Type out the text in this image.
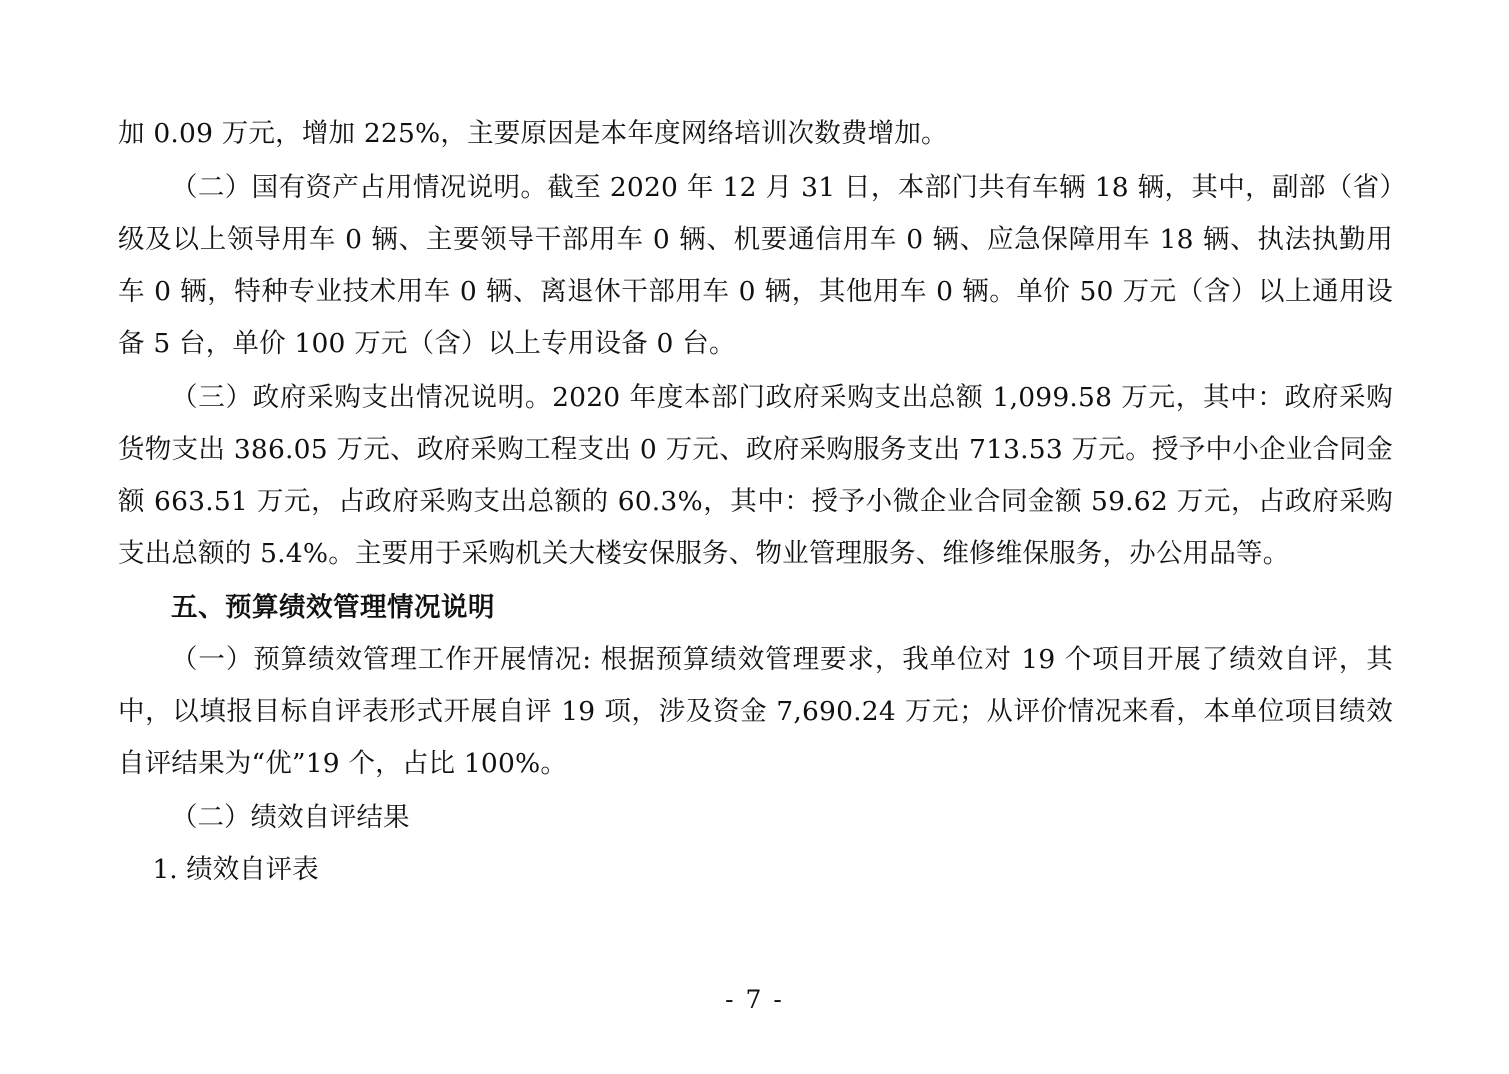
加 0.09 万元，增加 225%，主要原因是本年度网络培训次数费增加。

（二）国有资产占用情况说明。截至 2020 年 12 月 31 日，本部门共有车辆 18 辆，其中，副部（省）级及以上领导用车 0 辆、主要领导干部用车 0 辆、机要通信用车 0 辆、应急保障用车 18 辆、执法执勤用车 0 辆，特种专业技术用车 0 辆、离退休干部用车 0 辆，其他用车 0 辆。单价 50 万元（含）以上通用设备 5 台，单价 100 万元（含）以上专用设备 0 台。

（三）政府采购支出情况说明。2020 年度本部门政府采购支出总额 1,099.58 万元，其中：政府采购货物支出 386.05 万元、政府采购工程支出 0 万元、政府采购服务支出 713.53 万元。授予中小企业合同金额 663.51 万元，占政府采购支出总额的 60.3%，其中：授予小微企业合同金额 59.62 万元，占政府采购支出总额的 5.4%。主要用于采购机关大楼安保服务、物业管理服务、维修维保服务，办公用品等。

五、预算绩效管理情况说明

（一）预算绩效管理工作开展情况: 根据预算绩效管理要求，我单位对 19 个项目开展了绩效自评，其中，以填报目标自评表形式开展自评 19 项，涉及资金 7,690.24 万元；从评价情况来看，本单位项目绩效自评结果为“优”19 个，占比 100%。

（二）绩效自评结果

1. 绩效自评表

- 7 -
